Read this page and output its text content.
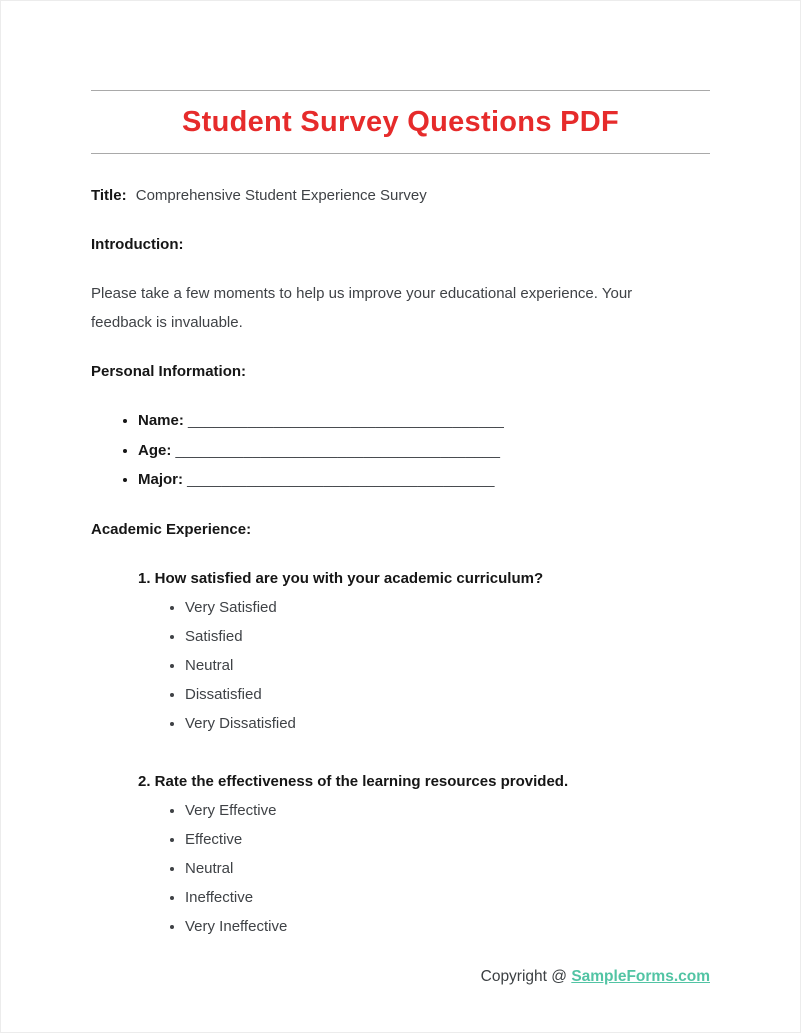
Student Survey Questions PDF

Title: Comprehensive Student Experience Survey

Introduction:

Please take a few moments to help us improve your educational experience. Your feedback is invaluable.

Personal Information:

• Name: _____________________________________
• Age: ______________________________________
• Major: ____________________________________

Academic Experience:

1. How satisfied are you with your academic curriculum?

• Very Satisfied
• Satisfied
• Neutral
• Dissatisfied
• Very Dissatisfied

2. Rate the effectiveness of the learning resources provided.

• Very Effective
• Effective
• Neutral
• Ineffective
• Very Ineffective
Copyright @ SampleForms.com
